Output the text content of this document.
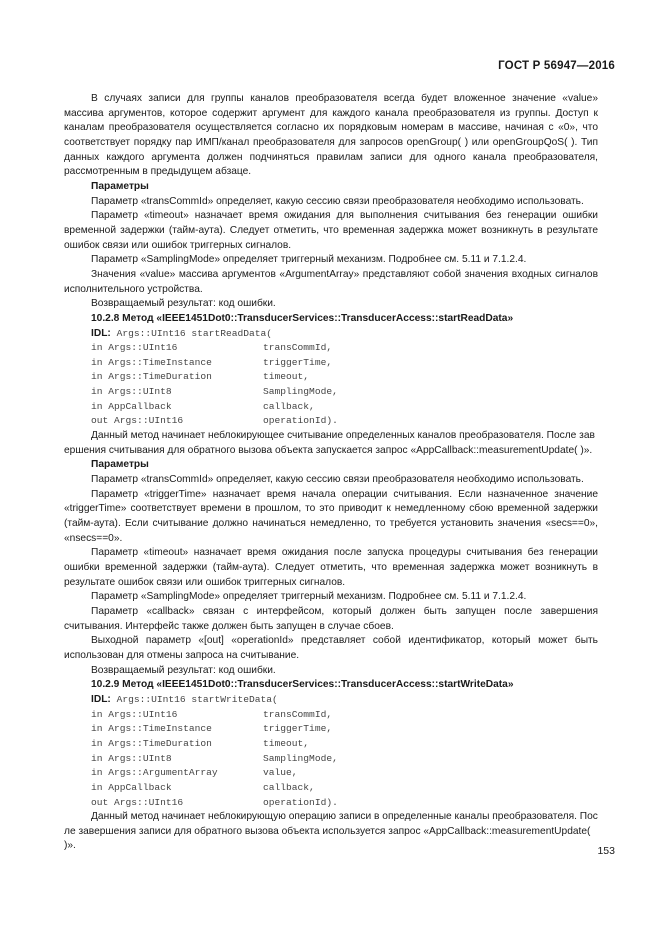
ГОСТ Р 56947—2016

В случаях записи для группы каналов преобразователя всегда будет вложенное значение «value» массива аргументов, которое содержит аргумент для каждого канала преобразователя из группы. Доступ к каналам преобразователя осуществляется согласно их порядковым номерам в массиве, начиная с «0», что соответствует порядку пар ИМП/канал преобразователя для запросов openGroup( ) или openGroupQoS( ). Тип данных каждого аргумента должен подчиняться правилам записи для одного канала преобразователя, рассмотренным в предыдущем абзаце.

Параметры

Параметр «transCommId» определяет, какую сессию связи преобразователя необходимо использовать.

Параметр «timeout» назначает время ожидания для выполнения считывания без генерации ошибки временной задержки (тайм-аута). Следует отметить, что временная задержка может возникнуть в результате ошибок связи или ошибок триггерных сигналов.

Параметр «SamplingMode» определяет триггерный механизм. Подробнее см. 5.11 и 7.1.2.4.

Значения «value» массива аргументов «ArgumentArray» представляют собой значения входных сигналов исполнительного устройства.

Возвращаемый результат: код ошибки.

10.2.8 Метод «IEEE1451Dot0::TransducerServices::TransducerAccess::startReadData»

IDL: Args::UInt16 startReadData(
in Args::UInt16	transCommId,
in Args::TimeInstance	triggerTime,
in Args::TimeDuration	timeout,
in Args::UInt8	SamplingMode,
in AppCallback	callback,
out Args::UInt16	operationId).

Данный метод начинает неблокирующее считывание определенных каналов преобразователя. После завершения считывания для обратного вызова объекта запускается запрос «AppCallback::measurementUpdate( )».

Параметры

Параметр «transCommId» определяет, какую сессию связи преобразователя необходимо использовать.

Параметр «triggerTime» назначает время начала операции считывания. Если назначенное значение «triggerTime» соответствует времени в прошлом, то это приводит к немедленному сбою временной задержки (тайм-аута). Если считывание должно начинаться немедленно, то требуется установить значения «secs==0», «nsecs==0».

Параметр «timeout» назначает время ожидания после запуска процедуры считывания без генерации ошибки временной задержки (тайм-аута). Следует отметить, что временная задержка может возникнуть в результате ошибок связи или ошибок триггерных сигналов.

Параметр «SamplingMode» определяет триггерный механизм. Подробнее см. 5.11 и 7.1.2.4.

Параметр «callback» связан с интерфейсом, который должен быть запущен после завершения считывания. Интерфейс также должен быть запущен в случае сбоев.

Выходной параметр «[out] «operationId» представляет собой идентификатор, который может быть использован для отмены запроса на считывание.

Возвращаемый результат: код ошибки.

10.2.9 Метод «IEEE1451Dot0::TransducerServices::TransducerAccess::startWriteData»

IDL: Args::UInt16 startWriteData(
in Args::UInt16	transCommId,
in Args::TimeInstance	triggerTime,
in Args::TimeDuration	timeout,
in Args::UInt8	SamplingMode,
in Args::ArgumentArray	value,
in AppCallback	callback,
out Args::UInt16	operationId).

Данный метод начинает неблокирующую операцию записи в определенные каналы преобразователя. После завершения записи для обратного вызова объекта используется запрос «AppCallback::measurementUpdate( )».	153
